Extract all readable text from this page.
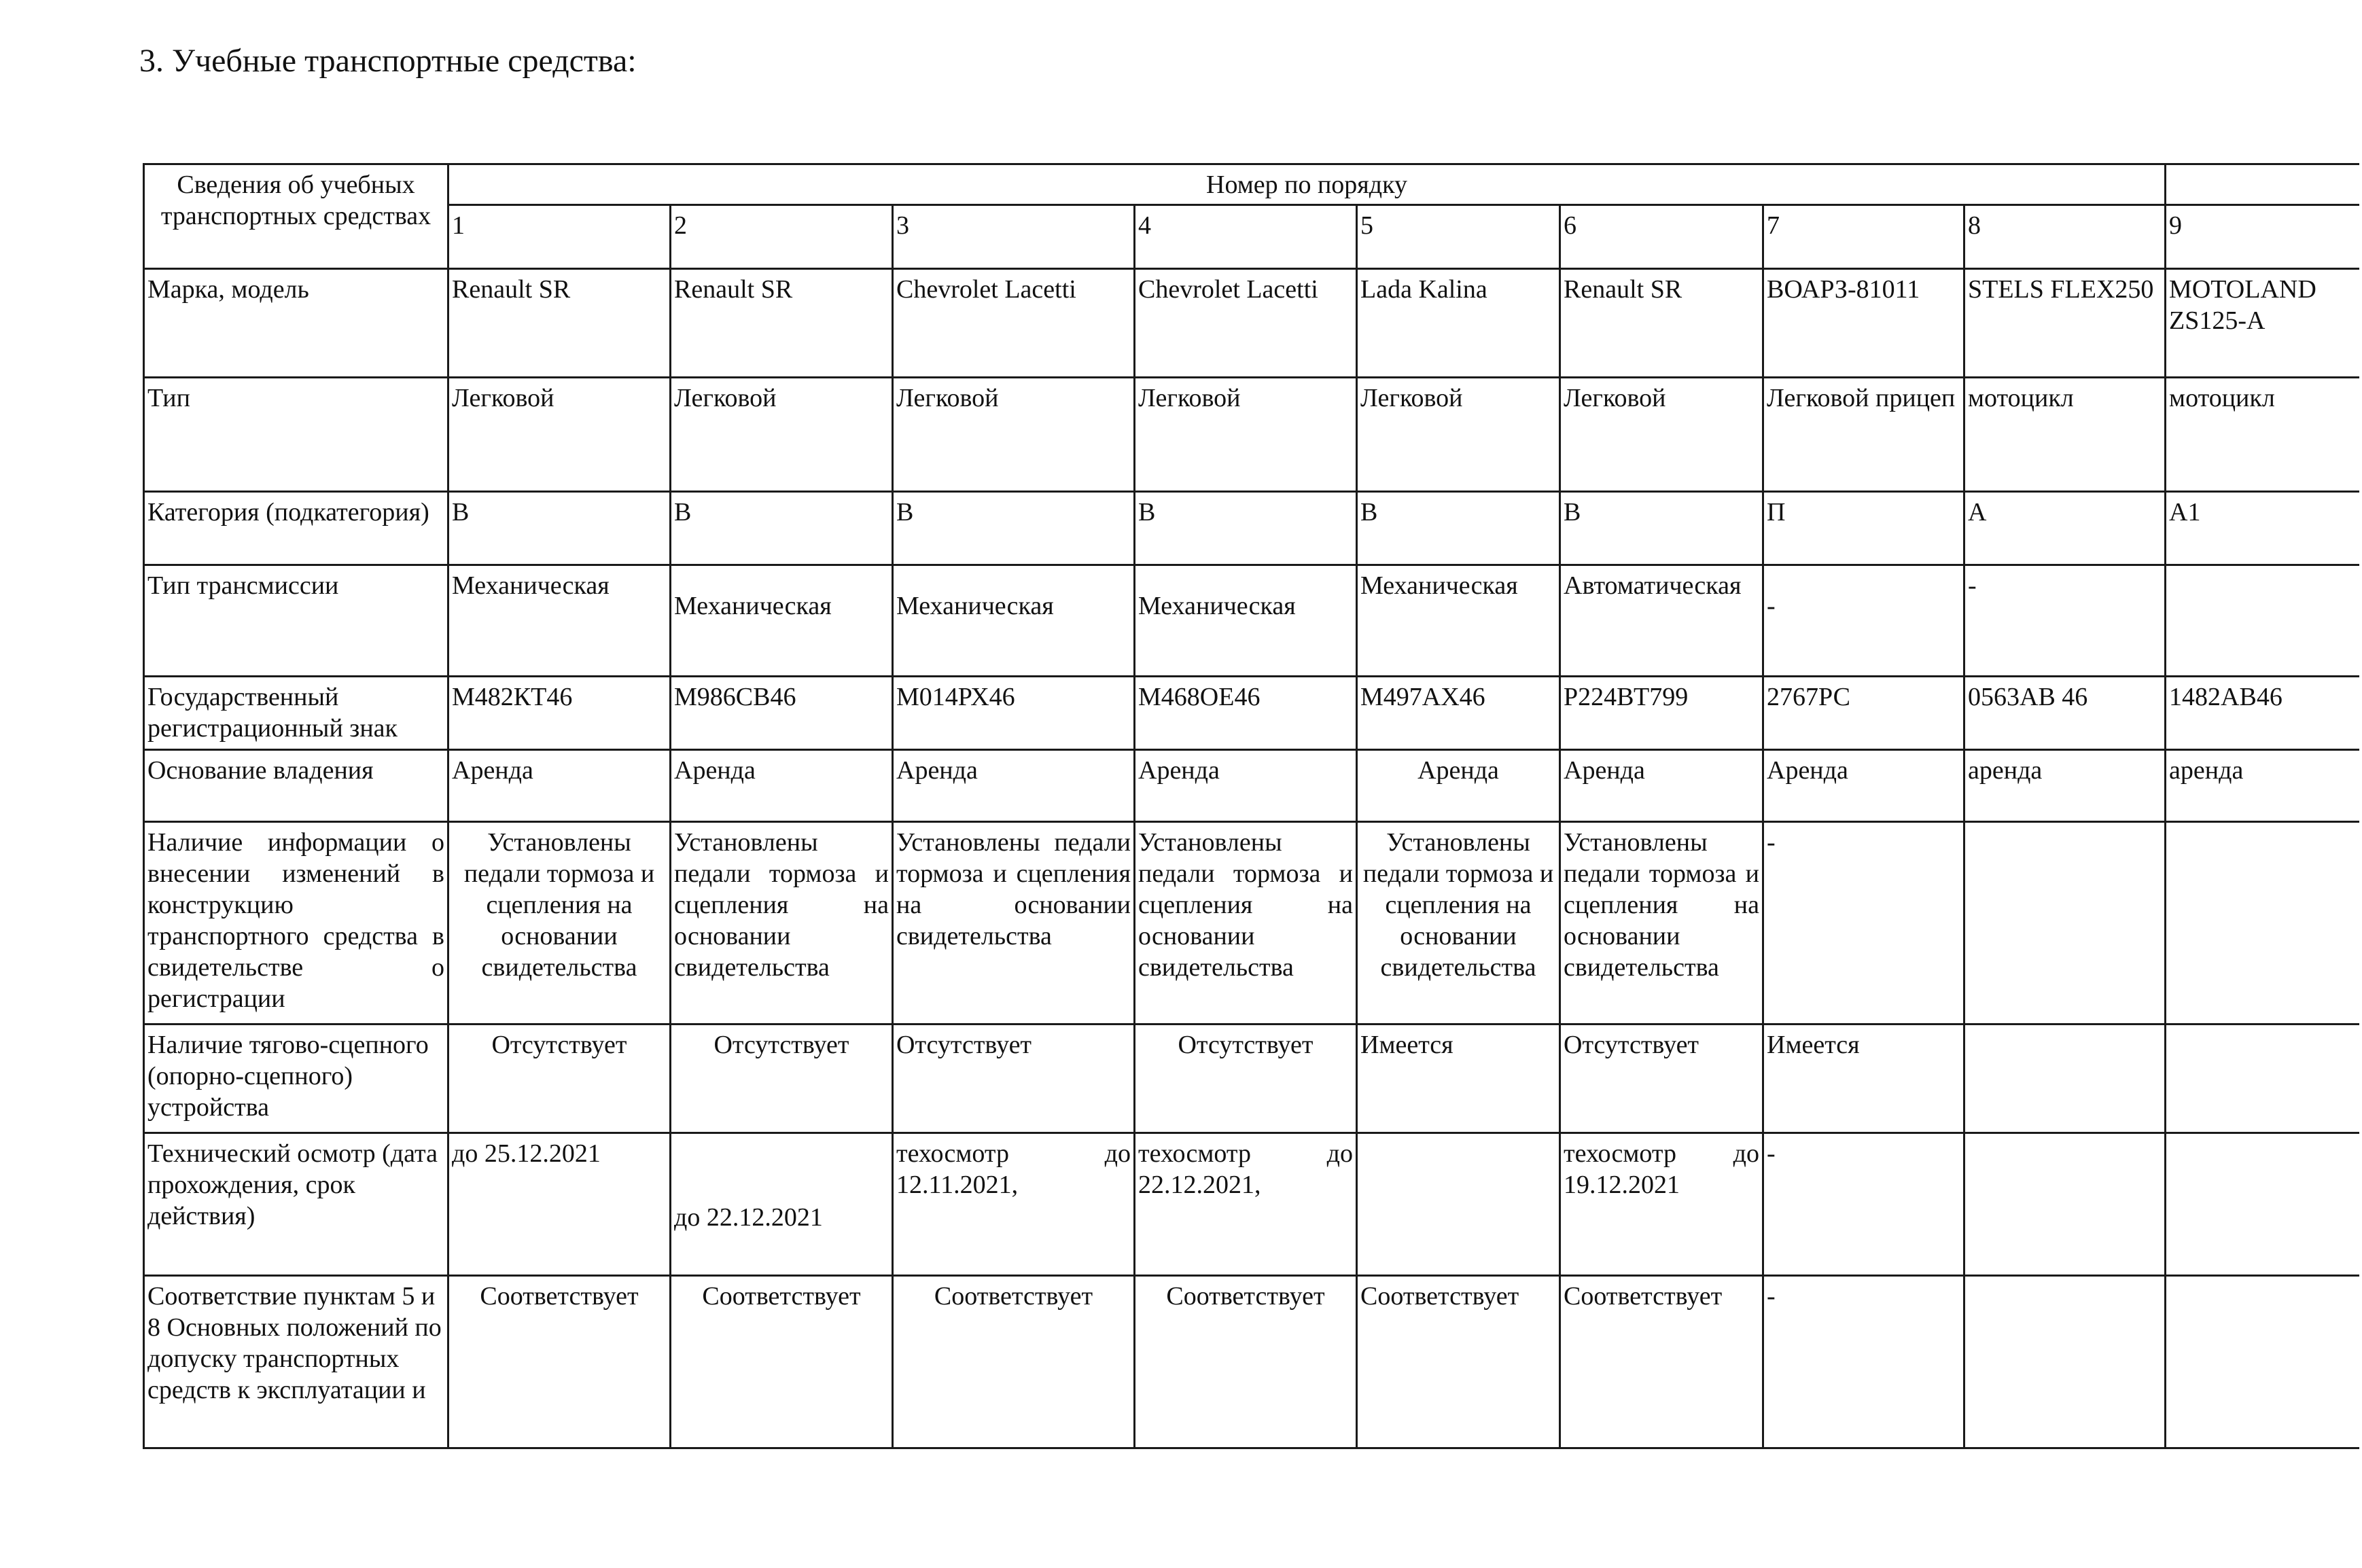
3. Учебные транспортные средства:
Сведения об учебных транспортных средствах	Номер по порядку								
	1	2	3	4	5	6	7	8	9
Марка, модель	Renault SR	Renault SR	Chevrolet Lacetti	Chevrolet Lacetti	Lada Kalina	Renault SR	ВОАРЗ-81011	STELS FLEX250	MOTOLAND ZS125-A
Тип	Легковой	Легковой	Легковой	Легковой	Легковой	Легковой	Легковой прицеп	мотоцикл	мотоцикл
Категория (подкатегория)	B	B	B	B	B	B	П	А	А1
Тип трансмиссии	Механическая	Механическая	Механическая	Механическая	Механическая	Автоматическая	-	-	
Государственный регистрационный знак	М482КТ46	М986СВ46	М014РХ46	М468ОЕ46	М497АХ46	Р224ВТ799	2767РС	0563АВ 46	1482АВ46
Основание владения	Аренда	Аренда	Аренда	Аренда	Аренда	Аренда	Аренда	аренда	аренда
Наличие информации о внесении изменений в конструкцию транспортного средства в свидетельстве о регистрации	Установлены педали тормоза и сцепления на основании свидетельства	Установлены педали тормоза и сцепления на основании свидетельства	Установлены педали тормоза и сцепления на основании свидетельства	Установлены педали тормоза и сцепления на основании свидетельства	Установлены педали тормоза и сцепления на основании свидетельства	Установлены педали тормоза и сцепления на основании свидетельства	-		
Наличие тягово-сцепного (опорно-сцепного) устройства	Отсутствует	Отсутствует	Отсутствует	Отсутствует	Имеется	Отсутствует	Имеется		
Технический осмотр (дата прохождения, срок действия)	до 25.12.2021	до 22.12.2021	техосмотр до 12.11.2021,	техосмотр до 22.12.2021,		техосмотр до 19.12.2021	-		
Соответствие пунктам 5 и 8 Основных положений по допуску транспортных средств к эксплуатации и	Соответствует	Соответствует	Соответствует	Соответствует	Соответствует	Соответствует	-		
